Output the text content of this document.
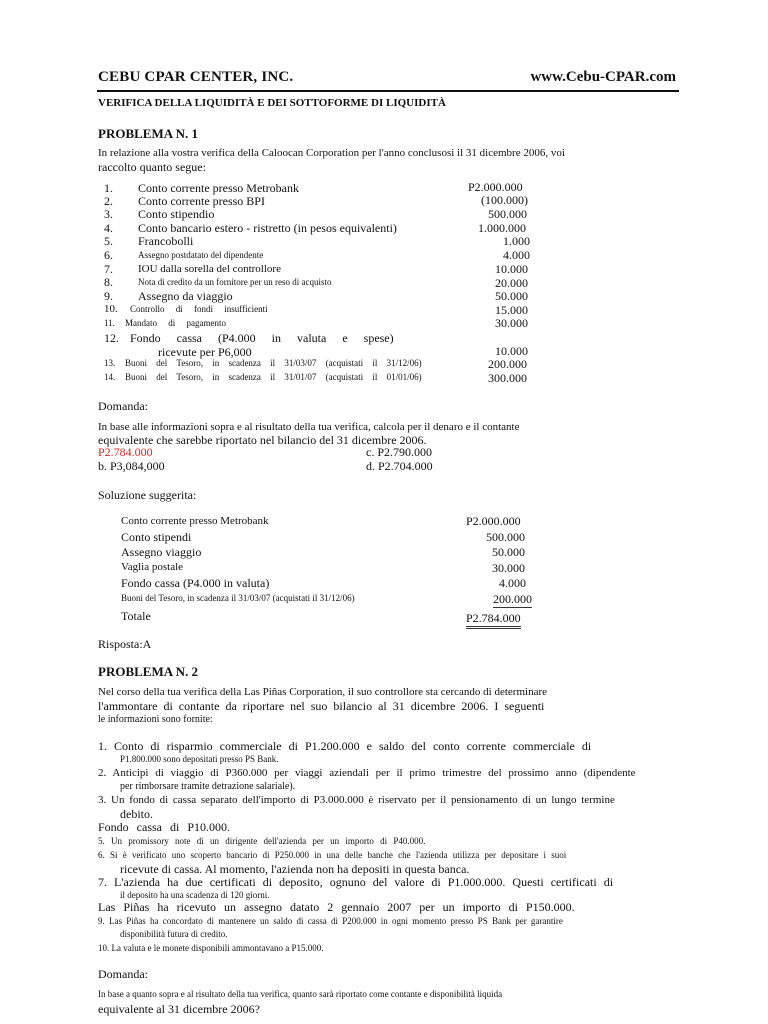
CEBU CPAR CENTER, INC.	www.Cebu-CPAR.com
VERIFICA DELLA LIQUIDITÀ E DEI SOTTOFORME DI LIQUIDITÀ
PROBLEMA N. 1
In relazione alla vostra verifica della Caloocan Corporation per l'anno conclusosi il 31 dicembre 2006, voi
raccolto quanto segue:
1. Conto corrente presso Metrobank	P2.000.000
2. Conto corrente presso BPI	(100.000)
3. Conto stipendio	500.000
4. Conto bancario estero - ristretto (in pesos equivalenti)	1.000.000
5. Francobolli	1.000
6.	Assegno postdatato del dipendente	4.000
7. IOU dalla sorella del controllore	10.000
8.	Nota di credito da un fornitore per un reso di acquisto	20.000
9. Assegno da viaggio	50.000
10. Controllo di fondi insufficienti	15.000
11. Mandato di pagamento	30.000
12. Fondo cassa (P4.000 in valuta e spese)
ricevute per P6,000	10.000
13. Buoni del Tesoro, in scadenza il 31/03/07 (acquistati il 31/12/06)	200.000
14. Buoni del Tesoro, in scadenza il 31/01/07 (acquistati il 01/01/06)	300.000
Domanda:
In base alle informazioni sopra e al risultato della tua verifica, calcola per il denaro e il contante
equivalente che sarebbe riportato nel bilancio del 31 dicembre 2006.
P2.784.000
b. P3,084,000
c. P2.790.000
d. P2.704.000
Soluzione suggerita:
Conto corrente presso Metrobank	P2.000.000
Conto stipendi	500.000
Assegno viaggio	50.000
Vaglia postale	30.000
Fondo cassa (P4.000 in valuta)	4.000
Buoni del Tesoro, in scadenza il 31/03/07 (acquistati il 31/12/06)	200.000
Totale	P2.784.000
Risposta:A
PROBLEMA N. 2
Nel corso della tua verifica della Las Piñas Corporation, il suo controllore sta cercando di determinare
l'ammontare di contante da riportare nel suo bilancio al 31 dicembre 2006. I seguenti
le informazioni sono fornite:
1. Conto di risparmio commerciale di P1.200.000 e saldo del conto corrente commerciale di
P1.800.000 sono depositati presso PS Bank.
2. Anticipi di viaggio di P360.000 per viaggi aziendali per il primo trimestre del prossimo anno (dipendente
per rimborsare tramite detrazione salariale).
3. Un fondo di cassa separato dell'importo di P3.000.000 è riservato per il pensionamento di un lungo termine
debito.
Fondo cassa di P10.000.
5. Un promissory note di un dirigente dell'azienda per un importo di P40.000.
6. Si è verificato uno scoperto bancario di P250.000 in una delle banche che l'azienda utilizza per depositare i suoi
ricevute di cassa. Al momento, l'azienda non ha depositi in questa banca.
7. L'azienda ha due certificati di deposito, ognuno del valore di P1.000.000. Questi certificati di
il deposito ha una scadenza di 120 giorni.
Las Piñas ha ricevuto un assegno datato 2 gennaio 2007 per un importo di P150.000.
9. Las Piñas ha concordato di mantenere un saldo di cassa di P200.000 in ogni momento presso PS Bank per garantire
disponibilità futura di credito.
10. La valuta e le monete disponibili ammontavano a P15.000.
Domanda:
In base a quanto sopra e al risultato della tua verifica, quanto sarà riportato come contante e disponibilità liquida
equivalente al 31 dicembre 2006?
